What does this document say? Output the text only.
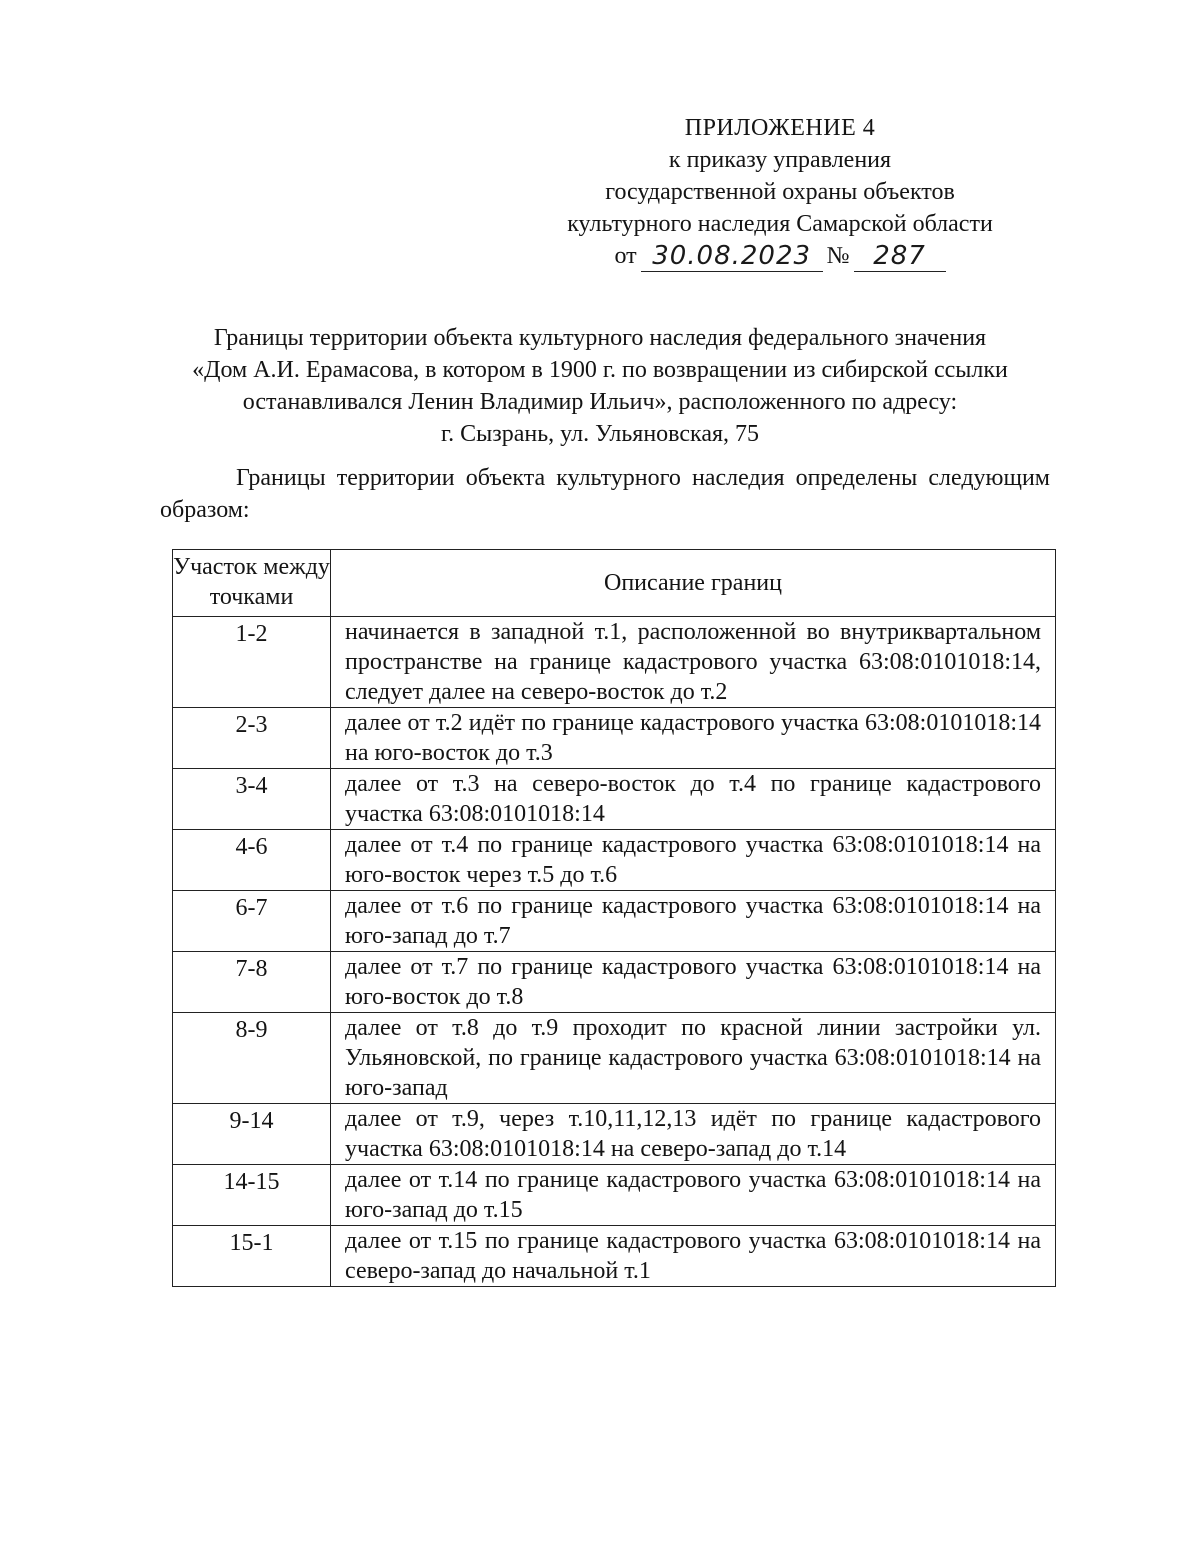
ПРИЛОЖЕНИЕ 4
к приказу управления
государственной охраны объектов
культурного наследия Самарской области
от 30.08.2023 № 287
Границы территории объекта культурного наследия федерального значения
«Дом А.И. Ерамасова, в котором в 1900 г. по возвращении из сибирской ссылки
останавливался Ленин Владимир Ильич», расположенного по адресу:
г. Сызрань, ул. Ульяновская, 75
Границы территории объекта культурного наследия определены следующим образом:
Участок между точками	Описание границ
1-2	начинается в западной т.1, расположенной во внутриквартальном пространстве на границе кадастрового участка 63:08:0101018:14, следует далее на северо-восток до т.2
2-3	далее от т.2 идёт по границе кадастрового участка 63:08:0101018:14 на юго-восток до т.3
3-4	далее от т.3 на северо-восток до т.4 по границе кадастрового участка 63:08:0101018:14
4-6	далее от т.4 по границе кадастрового участка 63:08:0101018:14 на юго-восток через т.5 до т.6
6-7	далее от т.6 по границе кадастрового участка 63:08:0101018:14 на юго-запад до т.7
7-8	далее от т.7 по границе кадастрового участка 63:08:0101018:14 на юго-восток до т.8
8-9	далее от т.8 до т.9 проходит по красной линии застройки ул. Ульяновской, по границе кадастрового участка 63:08:0101018:14 на юго-запад
9-14	далее от т.9, через т.10,11,12,13 идёт по границе кадастрового участка 63:08:0101018:14 на северо-запад до т.14
14-15	далее от т.14 по границе кадастрового участка 63:08:0101018:14 на юго-запад до т.15
15-1	далее от т.15 по границе кадастрового участка 63:08:0101018:14 на северо-запад до начальной т.1
